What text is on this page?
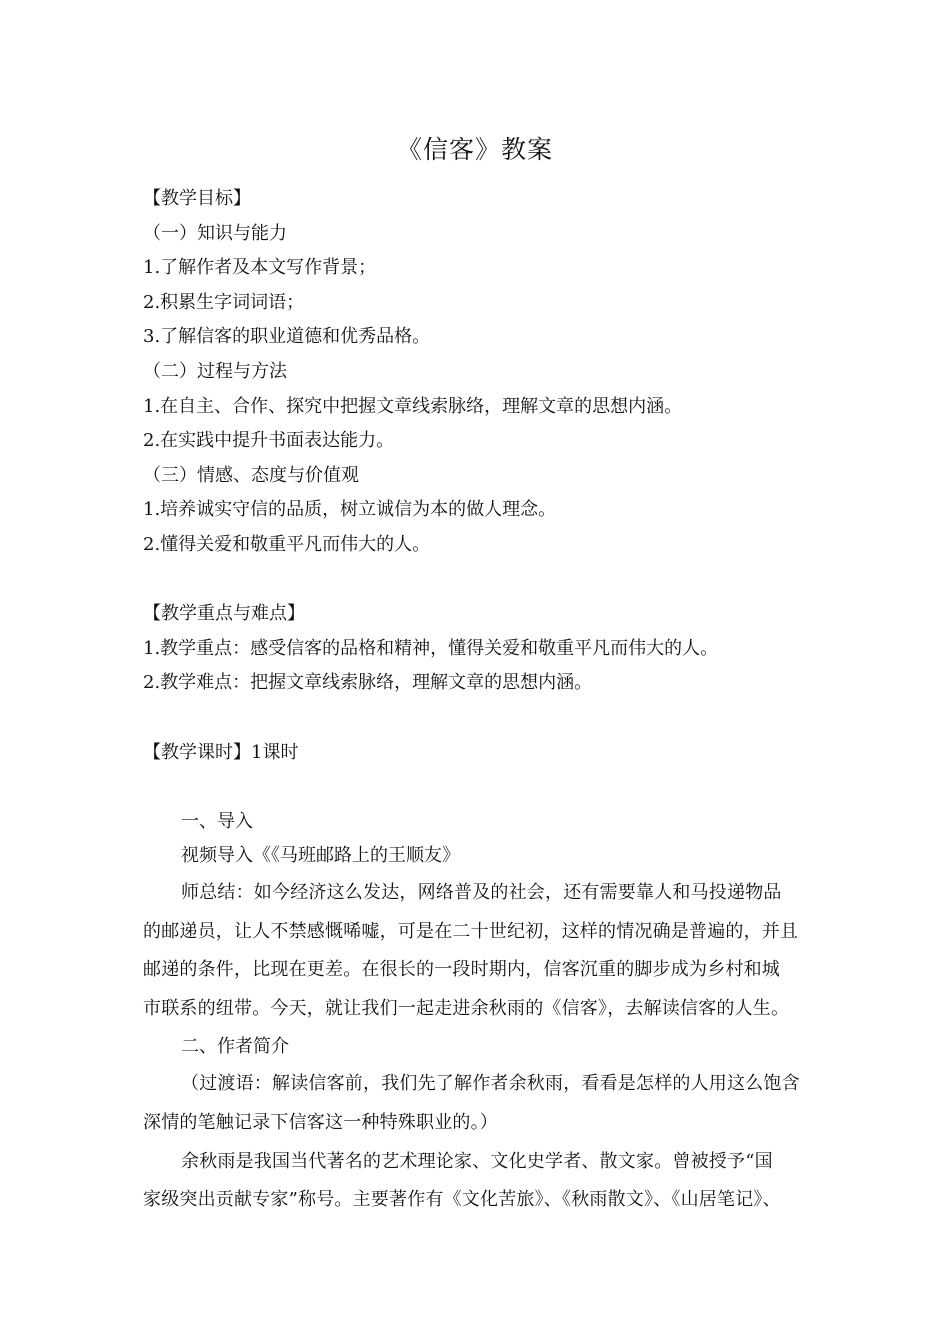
《信客》教案
【教学目标】
（一）知识与能力
1.了解作者及本文写作背景；
2.积累生字词词语；
3.了解信客的职业道德和优秀品格。
（二）过程与方法
1.在自主、合作、探究中把握文章线索脉络，理解文章的思想内涵。
2.在实践中提升书面表达能力。
（三）情感、态度与价值观
1.培养诚实守信的品质，树立诚信为本的做人理念。
2.懂得关爱和敬重平凡而伟大的人。
【教学重点与难点】
1.教学重点：感受信客的品格和精神，懂得关爱和敬重平凡而伟大的人。
2.教学难点：把握文章线索脉络，理解文章的思想内涵。
【教学课时】1课时
一、导入
视频导入《《马班邮路上的王顺友》
师总结：如今经济这么发达，网络普及的社会，还有需要靠人和马投递物品
的邮递员，让人不禁感慨唏嘘，可是在二十世纪初，这样的情况确是普遍的，并且
邮递的条件，比现在更差。在很长的一段时期内，信客沉重的脚步成为乡村和城
市联系的纽带。今天，就让我们一起走进余秋雨的《信客》，去解读信客的人生。
二、作者简介
（过渡语：解读信客前，我们先了解作者余秋雨，看看是怎样的人用这么饱含
深情的笔触记录下信客这一种特殊职业的。）
余秋雨是我国当代著名的艺术理论家、文化史学者、散文家。曾被授予“国
家级突出贡献专家”称号。主要著作有《文化苦旅》、《秋雨散文》、《山居笔记》、
